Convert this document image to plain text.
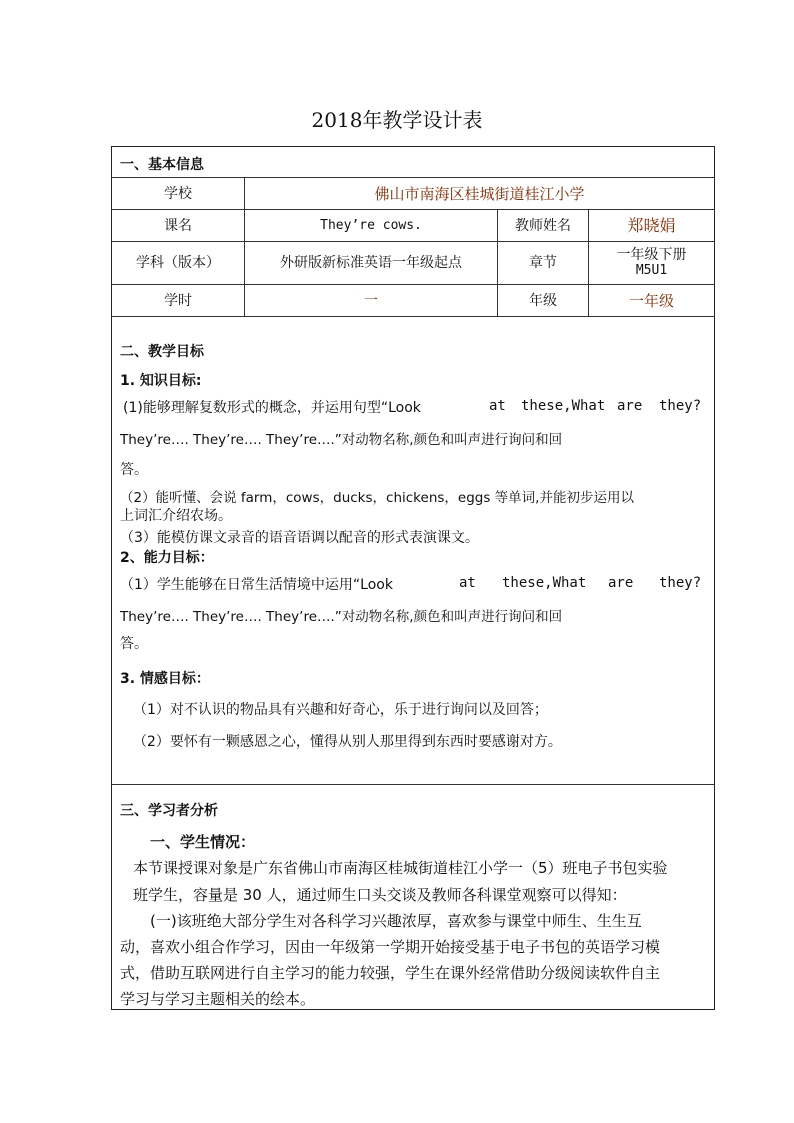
2018年教学设计表
一、基本信息
学校	佛山市南海区桂城街道桂江小学
课名	They’re cows.	教师姓名	郑晓娟
学科（版本）	外研版新标准英语一年级起点	章节	一年级下册
M5U1
学时	一	年级	一年级
二、教学目标
1. 知识目标:
(1)能够理解复数形式的概念，并运用句型“Look	at these,What are they?
They’re…. They’re…. They’re….”对动物名称,颜色和叫声进行询问和回
答。
（2）能听懂、会说 farm，cows，ducks，chickens，eggs 等单词,并能初步运用以
上词汇介绍农场。
（3）能模仿课文录音的语音语调以配音的形式表演课文。
2、能力目标：
（1）学生能够在日常生活情境中运用“Look	at these,What are they?
They’re…. They’re…. They’re….”对动物名称,颜色和叫声进行询问和回
答。
3. 情感目标：
（1）对不认识的物品具有兴趣和好奇心，乐于进行询问以及回答；
（2）要怀有一颗感恩之心，懂得从别人那里得到东西时要感谢对方。
三、学习者分析
一、学生情况：
本节课授课对象是广东省佛山市南海区桂城街道桂江小学一（5）班电子书包实验
班学生，容量是 30 人，通过师生口头交谈及教师各科课堂观察可以得知：
(一)该班绝大部分学生对各科学习兴趣浓厚，喜欢参与课堂中师生、生生互
动，喜欢小组合作学习，因由一年级第一学期开始接受基于电子书包的英语学习模
式，借助互联网进行自主学习的能力较强，学生在课外经常借助分级阅读软件自主
学习与学习主题相关的绘本。
